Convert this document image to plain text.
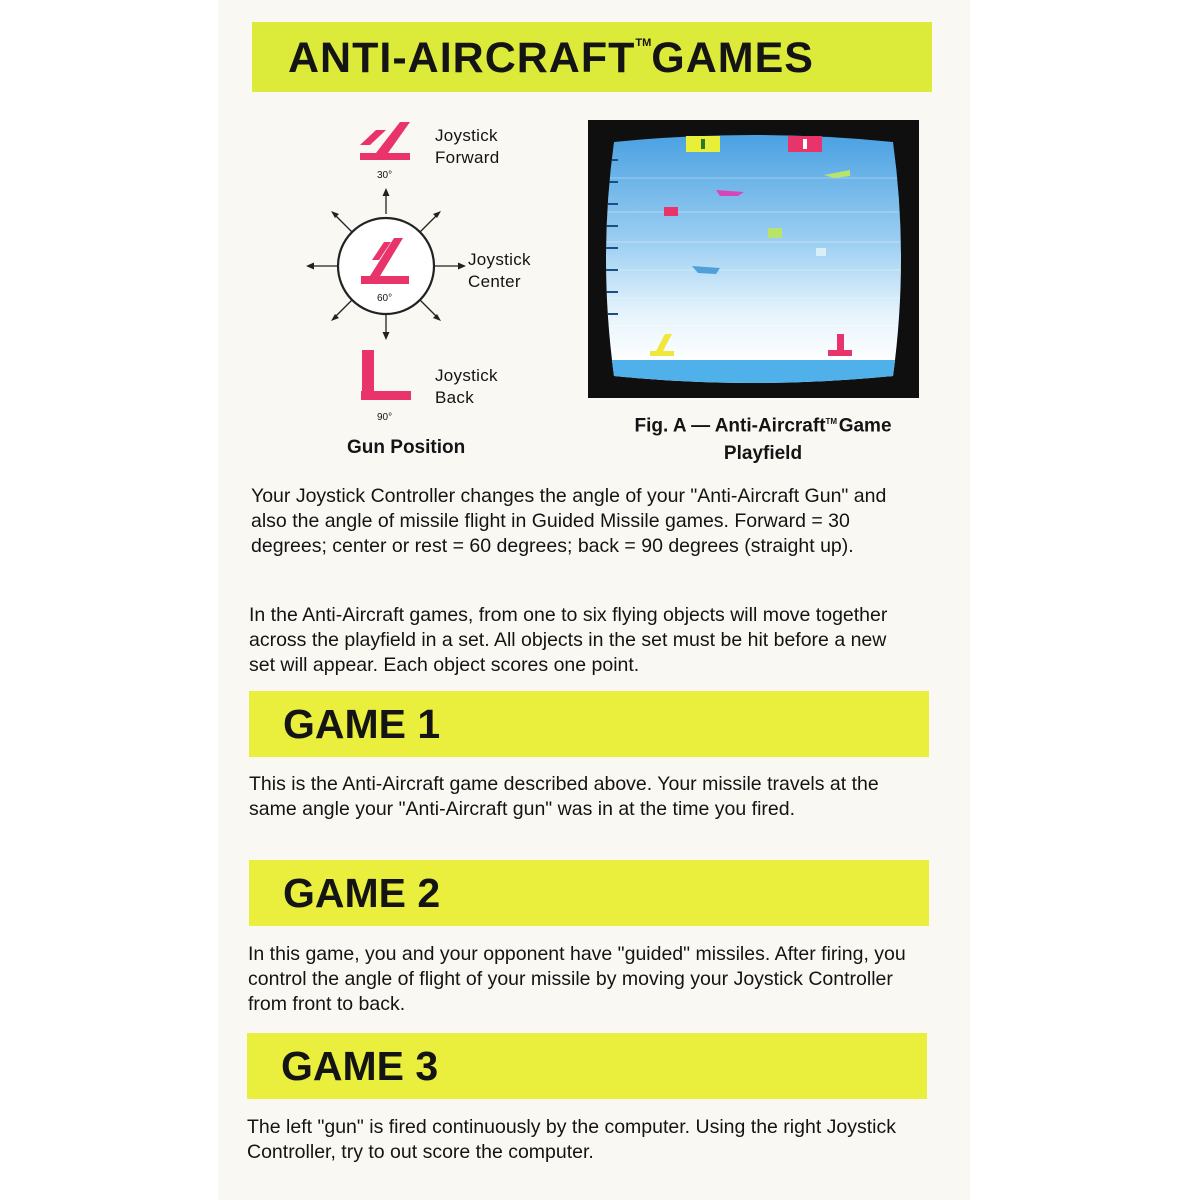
ANTI-AIRCRAFT™GAMES
Joystick
Forward
30°
Joystick
Center
60°
Joystick
Back
90°
Gun Position
Fig. A — Anti-Aircraft™ Game
Playfield

Your Joystick Controller changes the angle of your "Anti-Aircraft Gun" and also the angle of missile flight in Guided Missile games. Forward = 30 degrees; center or rest = 60 degrees; back = 90 degrees (straight up).

In the Anti-Aircraft games, from one to six flying objects will move together across the playfield in a set. All objects in the set must be hit before a new set will appear. Each object scores one point.

GAME 1

This is the Anti-Aircraft game described above. Your missile travels at the same angle your "Anti-Aircraft gun" was in at the time you fired.

GAME 2

In this game, you and your opponent have "guided" missiles. After firing, you control the angle of flight of your missile by moving your Joystick Controller from front to back.

GAME 3

The left "gun" is fired continuously by the computer. Using the right Joystick Controller, try to out score the computer.
